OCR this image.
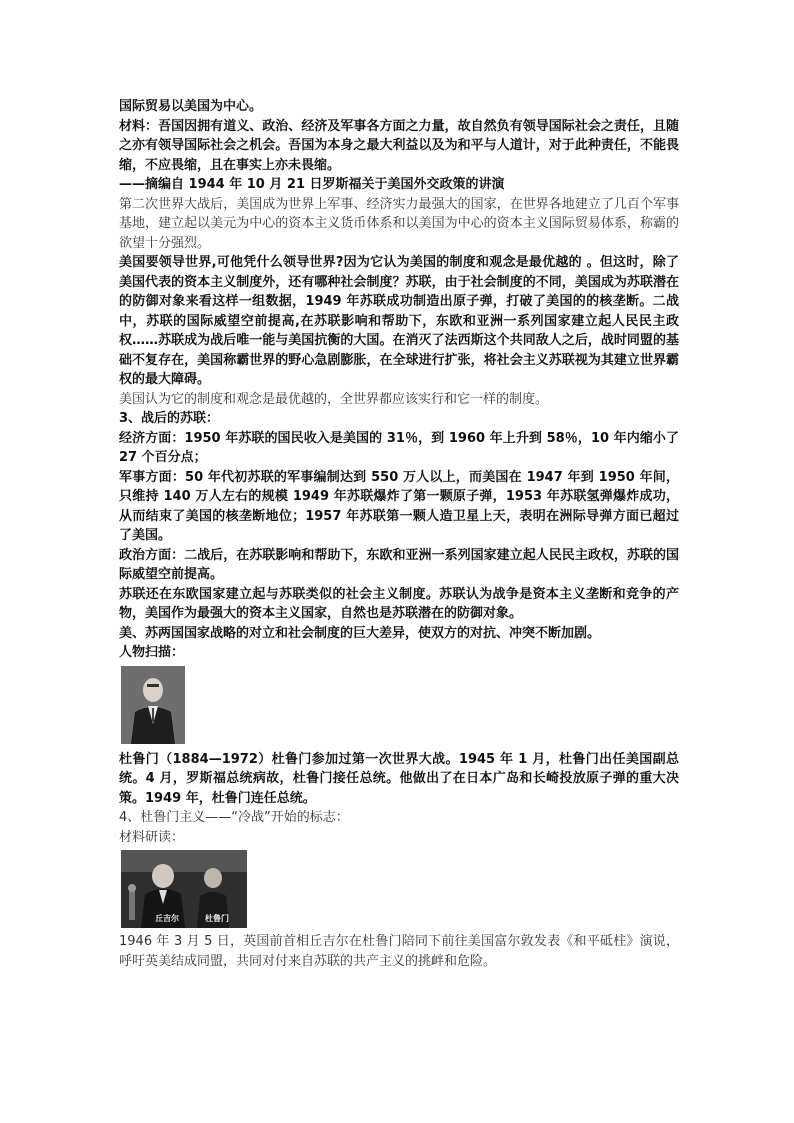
国际贸易以美国为中心。

材料：吾国因拥有道义、政治、经济及军事各方面之力量，故自然负有领导国际社会之责任，且随之亦有领导国际社会之机会。吾国为本身之最大利益以及为和平与人道计，对于此种责任，不能畏缩，不应畏缩，且在事实上亦未畏缩。

——摘编自 1944 年 10 月 21 日罗斯福关于美国外交政策的讲演

第二次世界大战后，美国成为世界上军事、经济实力最强大的国家，在世界各地建立了几百个军事基地，建立起以美元为中心的资本主义货币体系和以美国为中心的资本主义国际贸易体系，称霸的欲望十分强烈。

美国要领导世界,可他凭什么领导世界?因为它认为美国的制度和观念是最优越的 。但这时，除了美国代表的资本主义制度外，还有哪种社会制度？苏联，由于社会制度的不同，美国成为苏联潜在的防御对象来看这样一组数据，1949 年苏联成功制造出原子弹，打破了美国的的核垄断。二战中，苏联的国际威望空前提高,在苏联影响和帮助下，东欧和亚洲一系列国家建立起人民民主政权……苏联成为战后唯一能与美国抗衡的大国。在消灭了法西斯这个共同敌人之后，战时同盟的基础不复存在，美国称霸世界的野心急剧膨胀，在全球进行扩张，将社会主义苏联视为其建立世界霸权的最大障碍。

美国认为它的制度和观念是最优越的，全世界都应该实行和它一样的制度。

3、战后的苏联：

经济方面：1950 年苏联的国民收入是美国的 31％，到 1960 年上升到 58％，10 年内缩小了 27 个百分点；

军事方面：50 年代初苏联的军事编制达到 550 万人以上，而美国在 1947 年到 1950 年间，只维持 140 万人左右的规模 1949 年苏联爆炸了第一颗原子弹，1953 年苏联氢弹爆炸成功，从而结束了美国的核垄断地位；1957 年苏联第一颗人造卫星上天，表明在洲际导弹方面已超过了美国。

政治方面：二战后，在苏联影响和帮助下，东欧和亚洲一系列国家建立起人民民主政权，苏联的国际威望空前提高。

苏联还在东欧国家建立起与苏联类似的社会主义制度。苏联认为战争是资本主义垄断和竞争的产物，美国作为最强大的资本主义国家，自然也是苏联潜在的防御对象。

美、苏两国国家战略的对立和社会制度的巨大差异，使双方的对抗、冲突不断加剧。

人物扫描：

杜鲁门（1884—1972）杜鲁门参加过第一次世界大战。1945 年 1 月，杜鲁门出任美国副总统。4 月，罗斯福总统病故，杜鲁门接任总统。他做出了在日本广岛和长崎投放原子弹的重大决策。1949 年，杜鲁门连任总统。

4、杜鲁门主义——“冷战”开始的标志：

材料研读：

丘吉尔	杜鲁门

1946 年 3 月 5 日，英国前首相丘吉尔在杜鲁门陪同下前往美国富尔敦发表《和平砥柱》演说，呼吁英美结成同盟，共同对付来自苏联的共产主义的挑衅和危险。
